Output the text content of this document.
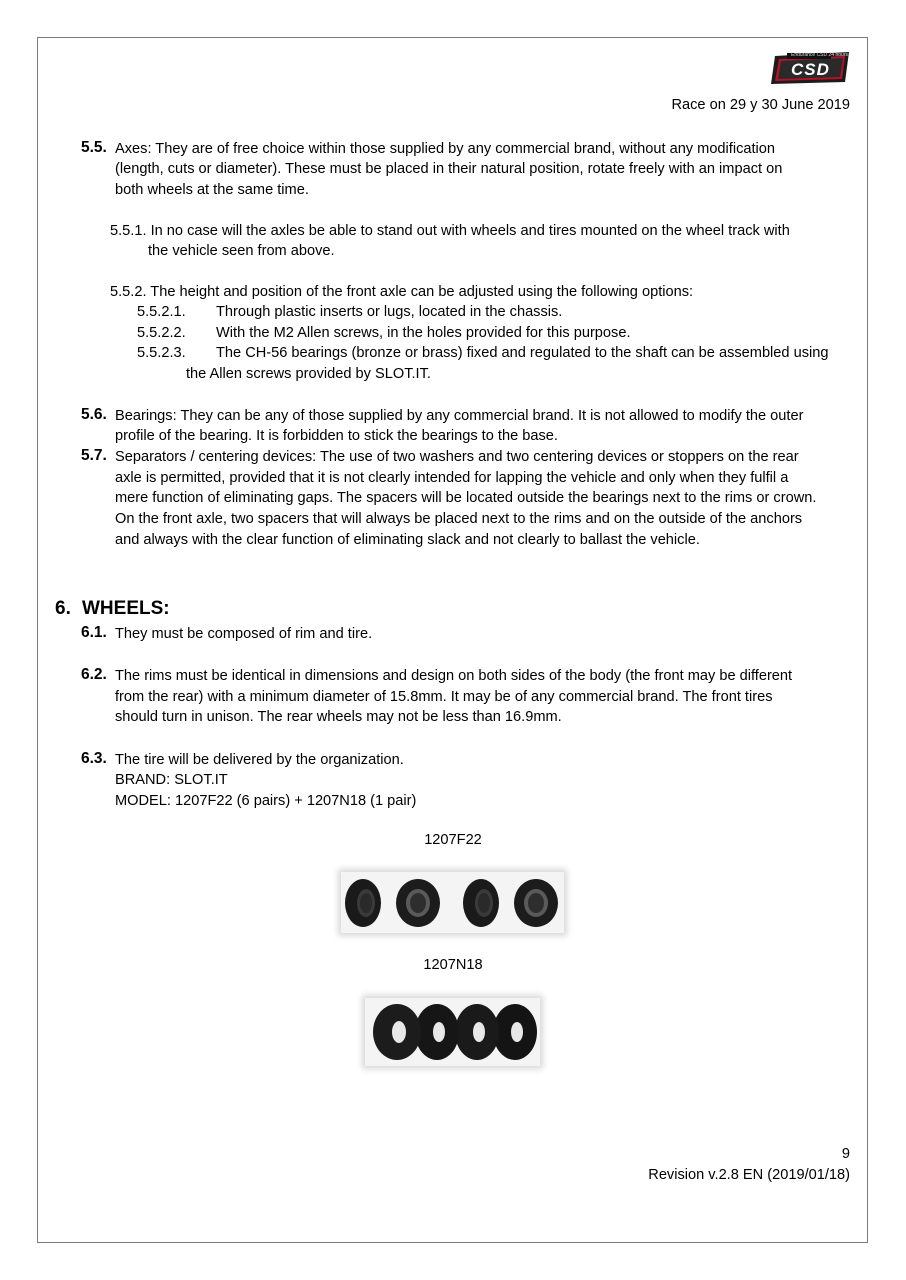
Endurance CSD 24 hours
CSD
Race on 29 y 30 June 2019
5.5. Axes: They are of free choice within those supplied by any commercial brand, without any modification
(length, cuts or diameter). These must be placed in their natural position, rotate freely with an impact on
both wheels at the same time.
5.5.1. In no case will the axles be able to stand out with wheels and tires mounted on the wheel track with
the vehicle seen from above.
5.5.2. The height and position of the front axle can be adjusted using the following options:
5.5.2.1. Through plastic inserts or lugs, located in the chassis.
5.5.2.2. With the M2 Allen screws, in the holes provided for this purpose.
5.5.2.3. The CH-56 bearings (bronze or brass) fixed and regulated to the shaft can be assembled using
the Allen screws provided by SLOT.IT.
5.6. Bearings: They can be any of those supplied by any commercial brand. It is not allowed to modify the outer
profile of the bearing. It is forbidden to stick the bearings to the base.
5.7. Separators / centering devices: The use of two washers and two centering devices or stoppers on the rear
axle is permitted, provided that it is not clearly intended for lapping the vehicle and only when they fulfil a
mere function of eliminating gaps. The spacers will be located outside the bearings next to the rims or crown.
On the front axle, two spacers that will always be placed next to the rims and on the outside of the anchors
and always with the clear function of eliminating slack and not clearly to ballast the vehicle.
6. WHEELS:
6.1. They must be composed of rim and tire.
6.2. The rims must be identical in dimensions and design on both sides of the body (the front may be different
from the rear) with a minimum diameter of 15.8mm. It may be of any commercial brand. The front tires
should turn in unison. The rear wheels may not be less than 16.9mm.
6.3. The tire will be delivered by the organization.
BRAND: SLOT.IT
MODEL: 1207F22 (6 pairs) + 1207N18 (1 pair)
1207F22
1207N18
9
Revision v.2.8 EN (2019/01/18)
